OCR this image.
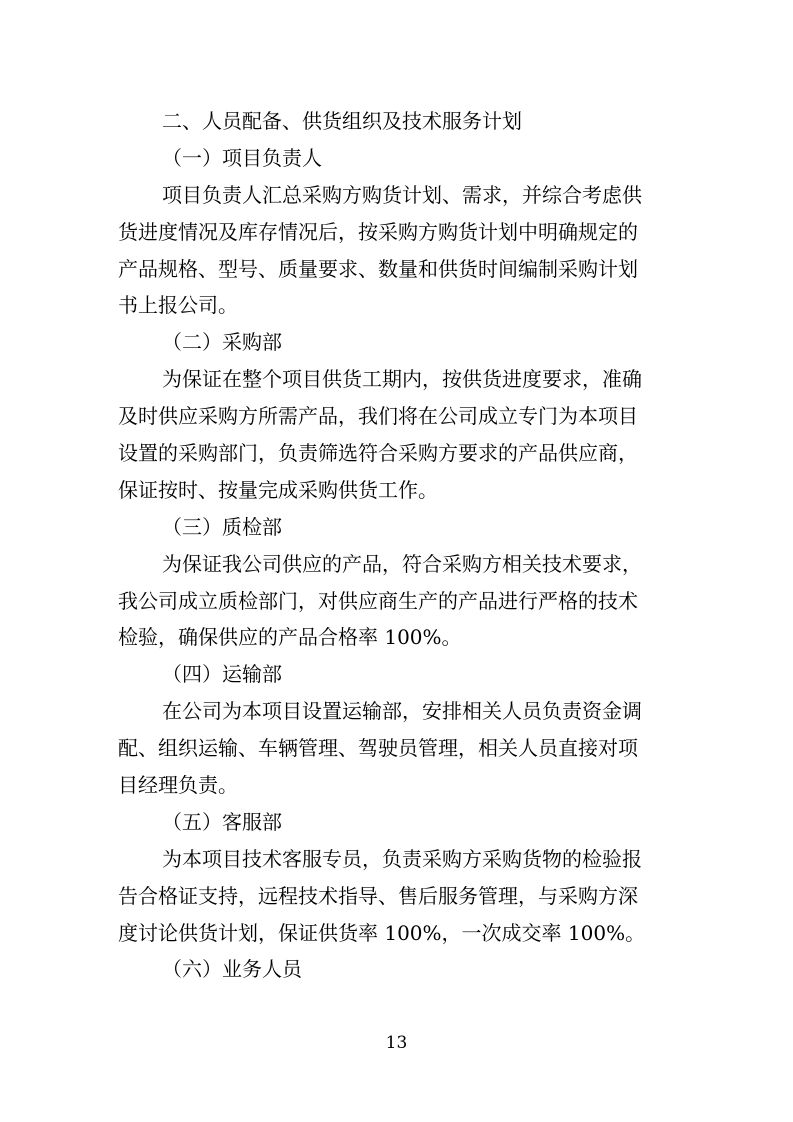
二、人员配备、供货组织及技术服务计划
（一）项目负责人
项目负责人汇总采购方购货计划、需求，并综合考虑供
货进度情况及库存情况后，按采购方购货计划中明确规定的
产品规格、型号、质量要求、数量和供货时间编制采购计划
书上报公司。
（二）采购部
为保证在整个项目供货工期内，按供货进度要求，准确
及时供应采购方所需产品，我们将在公司成立专门为本项目
设置的采购部门，负责筛选符合采购方要求的产品供应商，
保证按时、按量完成采购供货工作。
（三）质检部
为保证我公司供应的产品，符合采购方相关技术要求，
我公司成立质检部门，对供应商生产的产品进行严格的技术
检验，确保供应的产品合格率 100%。
（四）运输部
在公司为本项目设置运输部，安排相关人员负责资金调
配、组织运输、车辆管理、驾驶员管理，相关人员直接对项
目经理负责。
（五）客服部
为本项目技术客服专员，负责采购方采购货物的检验报
告合格证支持，远程技术指导、售后服务管理，与采购方深
度讨论供货计划，保证供货率 100%，一次成交率 100%。
（六）业务人员
13
